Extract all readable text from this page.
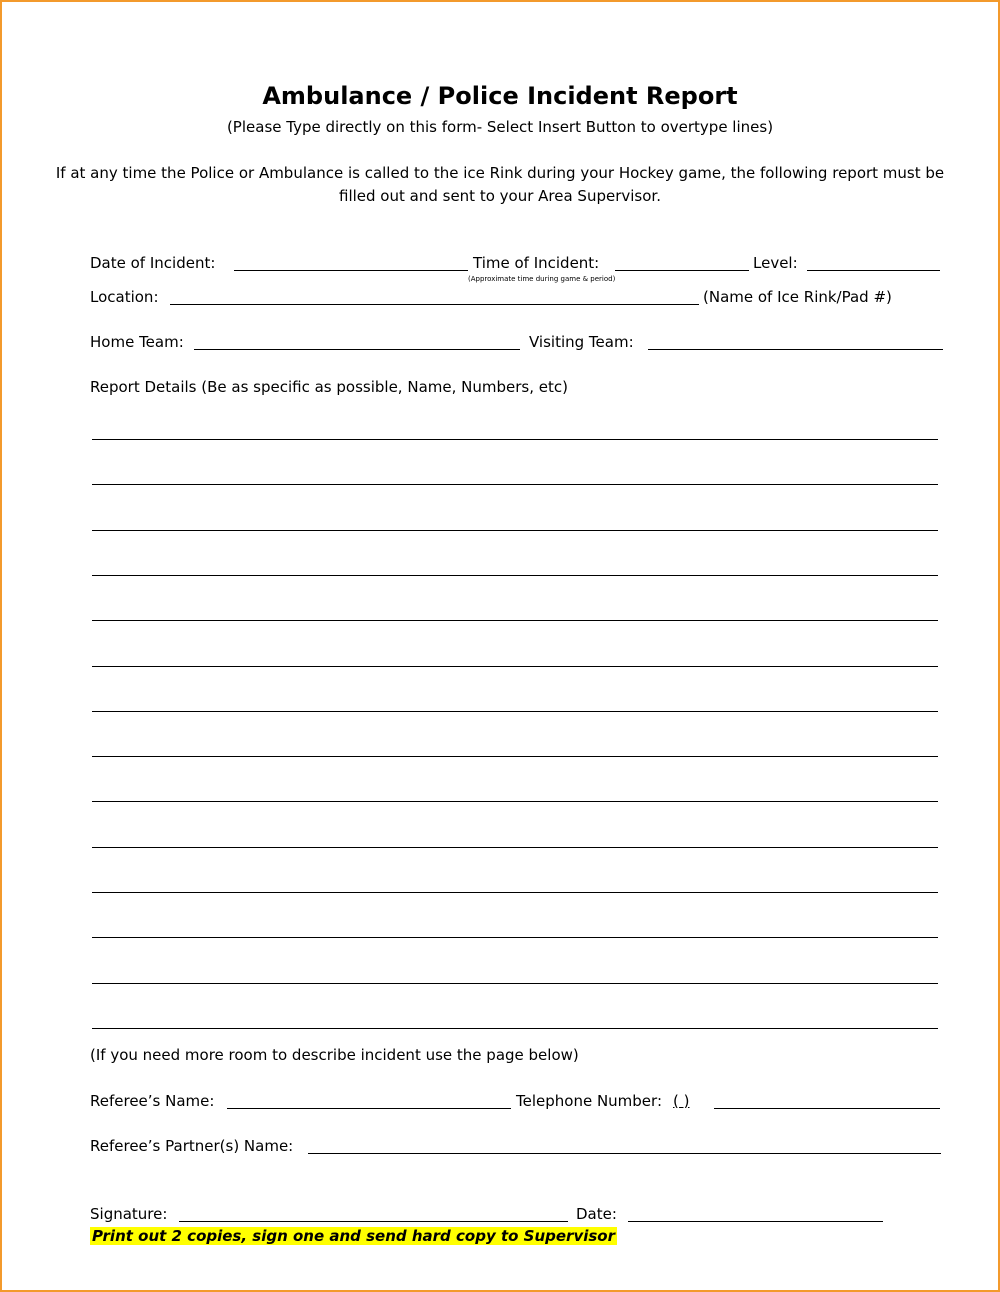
Ambulance / Police Incident Report
(Please Type directly on this form- Select Insert Button to overtype lines)
If at any time the Police or Ambulance is called to the ice Rink during your Hockey game, the following report must be filled out and sent to your Area Supervisor.
Date of Incident:	Time of Incident:
(Approximate time during game & period)
Level:
Location:	(Name of Ice Rink/Pad #)
Home Team:	Visiting Team:
Report Details (Be as specific as possible, Name, Numbers, etc)
(If you need more room to describe incident use the page below)
Referee’s Name:	Telephone Number: ( )
Referee’s Partner(s) Name:
Signature:	Date:
Print out 2 copies, sign one and send hard copy to Supervisor
